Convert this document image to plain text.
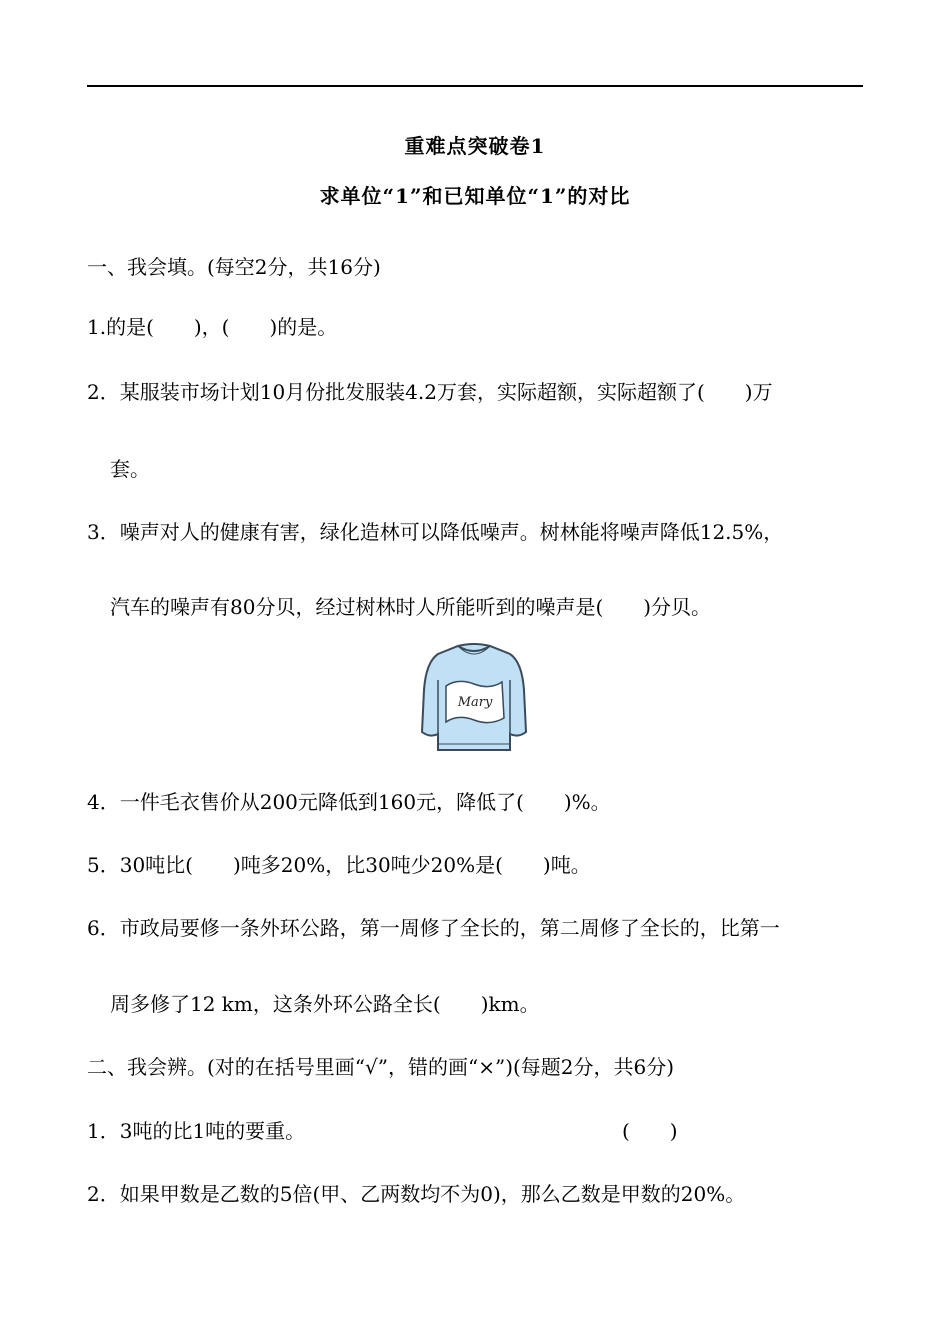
重难点突破卷1
求单位“1”和已知单位“1”的对比
一、我会填。(每空2分，共16分)
1.的是(　　)，(　　)的是。
2．某服装市场计划10月份批发服装4.2万套，实际超额，实际超额了(　　)万
套。
3．噪声对人的健康有害，绿化造林可以降低噪声。树林能将噪声降低12.5%，
汽车的噪声有80分贝，经过树林时人所能听到的噪声是(　　)分贝。
Mary
4．一件毛衣售价从200元降低到160元，降低了(　　)%。
5．30吨比(　　)吨多20%，比30吨少20%是(　　)吨。
6．市政局要修一条外环公路，第一周修了全长的，第二周修了全长的，比第一
周多修了12 km，这条外环公路全长(　　)km。
二、我会辨。(对的在括号里画“√”，错的画“×”)(每题2分，共6分)
1．3吨的比1吨的要重。	(　　)
2．如果甲数是乙数的5倍(甲、乙两数均不为0)，那么乙数是甲数的20%。
